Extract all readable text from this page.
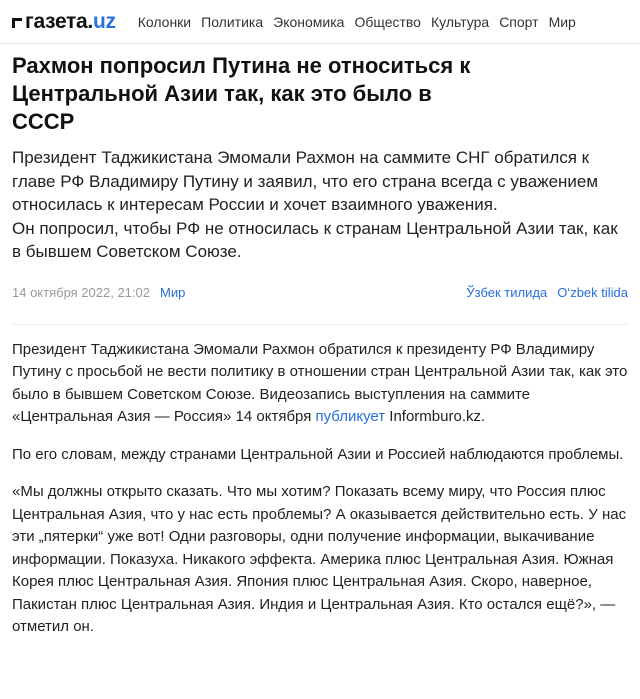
газета . uz Колонки Политика Экономика Общество Культура Спорт Мир
Рахмон попросил Путина не относиться к Центральной Азии так, как это было в СССР

Президент Таджикистана Эмомали Рахмон на саммите СНГ обратился к главе РФ Владимиру Путину и заявил, что его страна всегда с уважением относилась к интересам России и хочет взаимного уважения.

Он попросил, чтобы РФ не относилась к странам Центральной Азии так, как в бывшем Советском Союзе.

14 октября 2022, 21:02 Мир	Ўзбек тилида O‘zbek tilida

Президент Таджикистана Эмомали Рахмон обратился к президенту РФ Владимиру Путину с просьбой не вести политику в отношении стран Центральной Азии так, как это было в бывшем Советском Союзе. Видеозапись выступления на саммите «Центральная Азия — Россия» 14 октября публикует Informburo.kz.

По его словам, между странами Центральной Азии и Россией наблюдаются проблемы.

«Мы должны открыто сказать. Что мы хотим? Показать всему миру, что Россия плюс Центральная Азия, что у нас есть проблемы? А оказывается действительно есть. У нас эти „пятерки“ уже вот! Одни разговоры, одни получение информации, выкачивание информации. Показуха. Никакого эффекта. Америка плюс Центральная Азия. Южная Корея плюс Центральная Азия. Япония плюс Центральная Азия. Скоро, наверное, Пакистан плюс Центральная Азия. Индия и Центральная Азия. Кто остался ещё?», — отметил он.
